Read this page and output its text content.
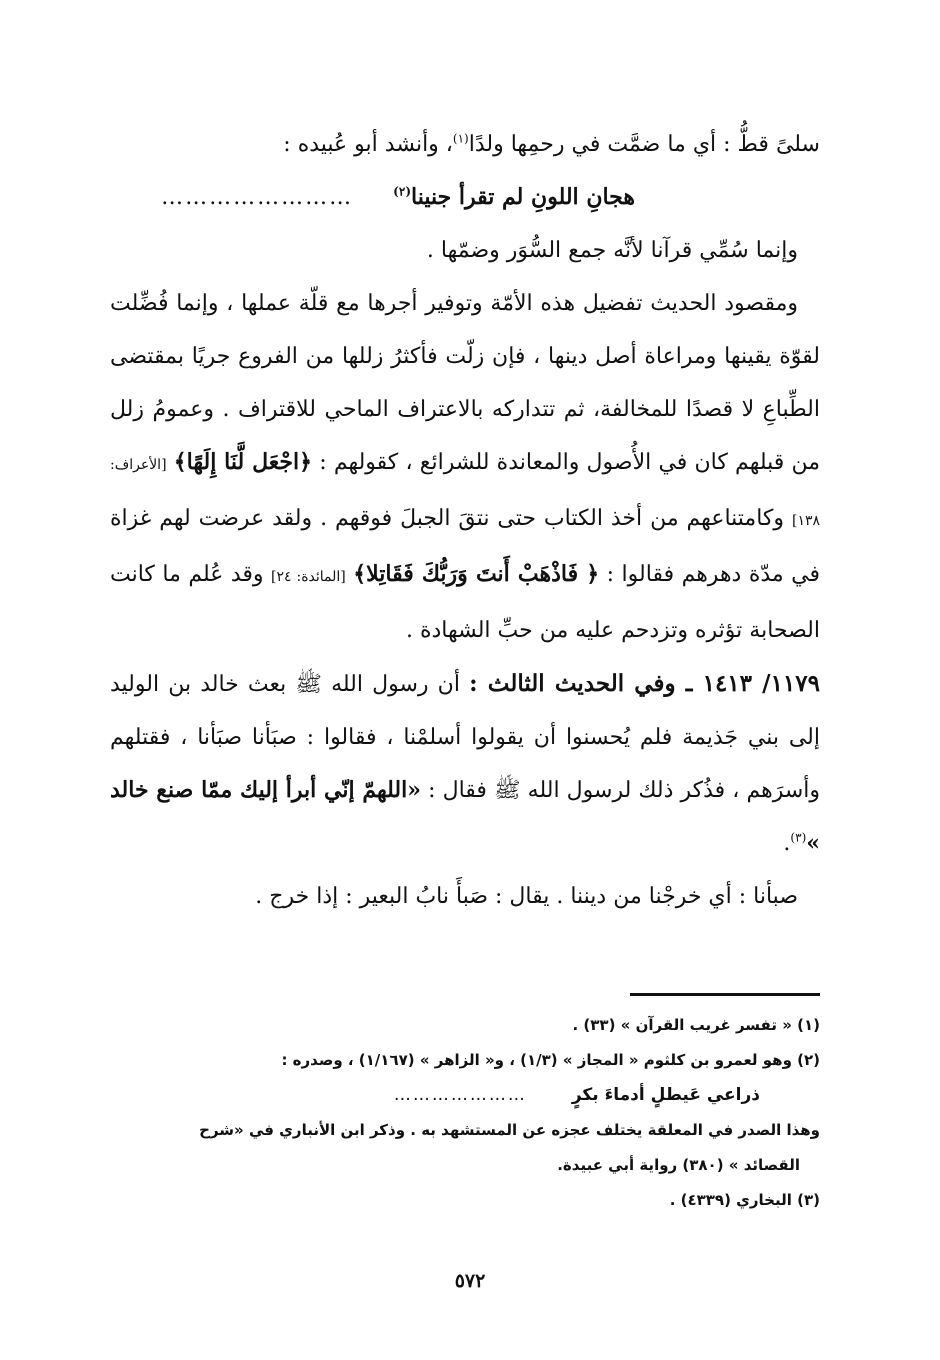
سلىً قطُّ : أي ما ضمَّت في رحمِها ولدًا$^{(١)}$، وأنشد أبو عُبيده :

هجانِ اللونِ لم تقرأ جنينا$^{(٢)}$
……………………

وإنما سُمِّي قرآنا لأنَّه جمع السُّوَر وضمّها .

ومقصود الحديث تفضيل هذه الأمّة وتوفير أجرها مع قلّة عملها ، وإنما فُضِّلت لقوّة يقينها ومراعاة أصل دينها ، فإن زلّت فأكثرُ زللها من الفروع جريًا بمقتضى الطِّباعِ لا قصدًا للمخالفة، ثم تتداركه بالاعتراف الماحي للاقتراف . وعمومُ زلل من قبلهم كان في الأُصول والمعاندة للشرائع ، كقولهم : ﴿اجْعَل لَّنَا إِلَهًا﴾ [الأعراف: ١٣٨] وكامتناعهم من أخذ الكتاب حتى نتقَ الجبلَ فوقهم . ولقد عرضت لهم غزاة في مدّة دهرهم فقالوا : ﴿ فَاذْهَبْ أَنتَ وَرَبُّكَ فَقَاتِلا﴾ [المائدة: ٢٤] وقد عُلم ما كانت الصحابة تؤثره وتزدحم عليه من حبِّ الشهادة .

١١٧٩/ ١٤١٣ ـ وفي الحديث الثالث : أن رسول الله ﷺ بعث خالد بن الوليد إلى بني جَذيمة فلم يُحسنوا أن يقولوا أسلمْنا ، فقالوا : صبَأنا صبَأنا ، فقتلهم وأسرَهم ، فذُكر ذلك لرسول الله ﷺ فقال : «اللهمّ إنّي أبرأ إليك ممّا صنع خالد »$^{(٣)}$.

صبأنا : أي خرجْنا من ديننا . يقال : صَبأَ نابُ البعير : إذا خرج .

(١) « تفسر غريب القرآن » (٣٣) .

(٢) وهو لعمرو بن كلثوم « المجاز » (١/٣) ، و« الزاهر » (١/١٦٧) ، وصدره :

ذراعي عَيطلٍ أدماءَ بكرٍ
…………………

وهذا الصدر في المعلقة يختلف عجزه عن المستشهد به . وذكر ابن الأنباري في «شرح

القصائد » (٣٨٠) رواية أبي عبيدة.

(٣) البخاري (٤٣٣٩) .

٥٧٢
